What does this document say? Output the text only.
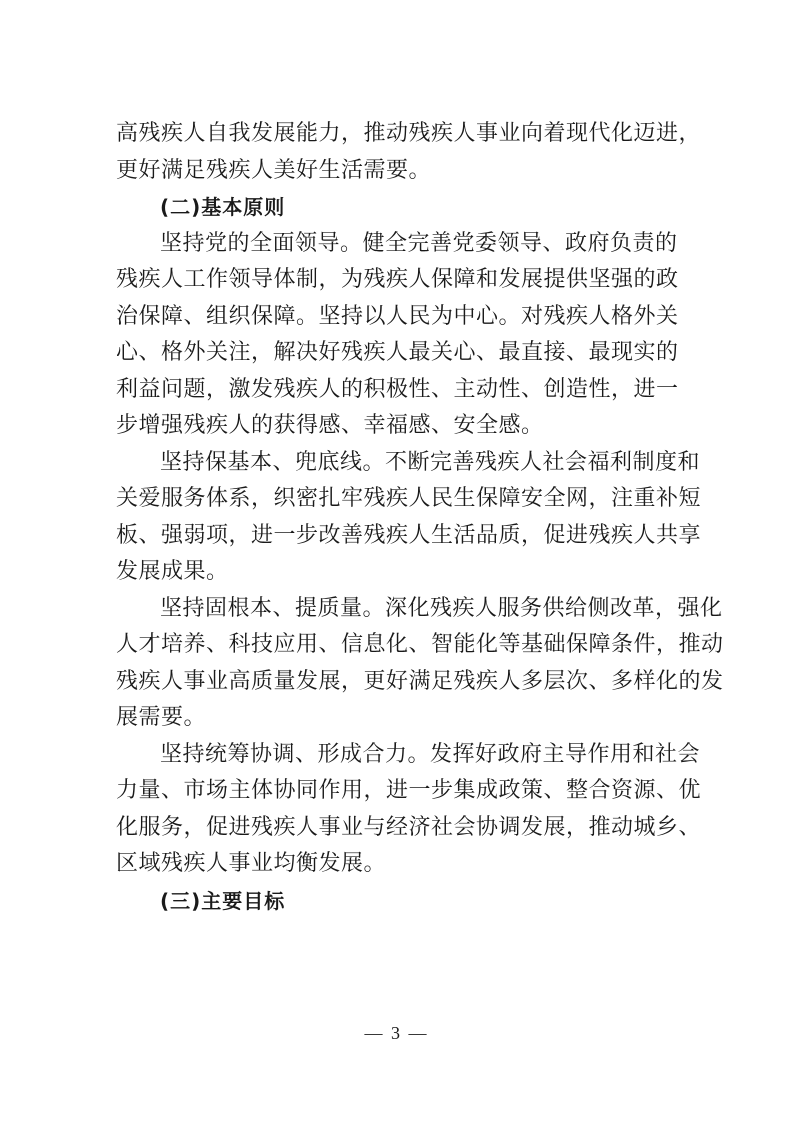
高残疾人自我发展能力，推动残疾人事业向着现代化迈进，
更好满足残疾人美好生活需要。

(二)基本原则

坚持党的全面领导。健全完善党委领导、政府负责的
残疾人工作领导体制，为残疾人保障和发展提供坚强的政
治保障、组织保障。坚持以人民为中心。对残疾人格外关
心、格外关注，解决好残疾人最关心、最直接、最现实的
利益问题，激发残疾人的积极性、主动性、创造性，进一
步增强残疾人的获得感、幸福感、安全感。

坚持保基本、兜底线。不断完善残疾人社会福利制度和
关爱服务体系，织密扎牢残疾人民生保障安全网，注重补短
板、强弱项，进一步改善残疾人生活品质，促进残疾人共享
发展成果。

坚持固根本、提质量。深化残疾人服务供给侧改革，强化
人才培养、科技应用、信息化、智能化等基础保障条件，推动
残疾人事业高质量发展，更好满足残疾人多层次、多样化的发
展需要。

坚持统筹协调、形成合力。发挥好政府主导作用和社会
力量、市场主体协同作用，进一步集成政策、整合资源、优
化服务，促进残疾人事业与经济社会协调发展，推动城乡、
区域残疾人事业均衡发展。

(三)主要目标

— 3 —
